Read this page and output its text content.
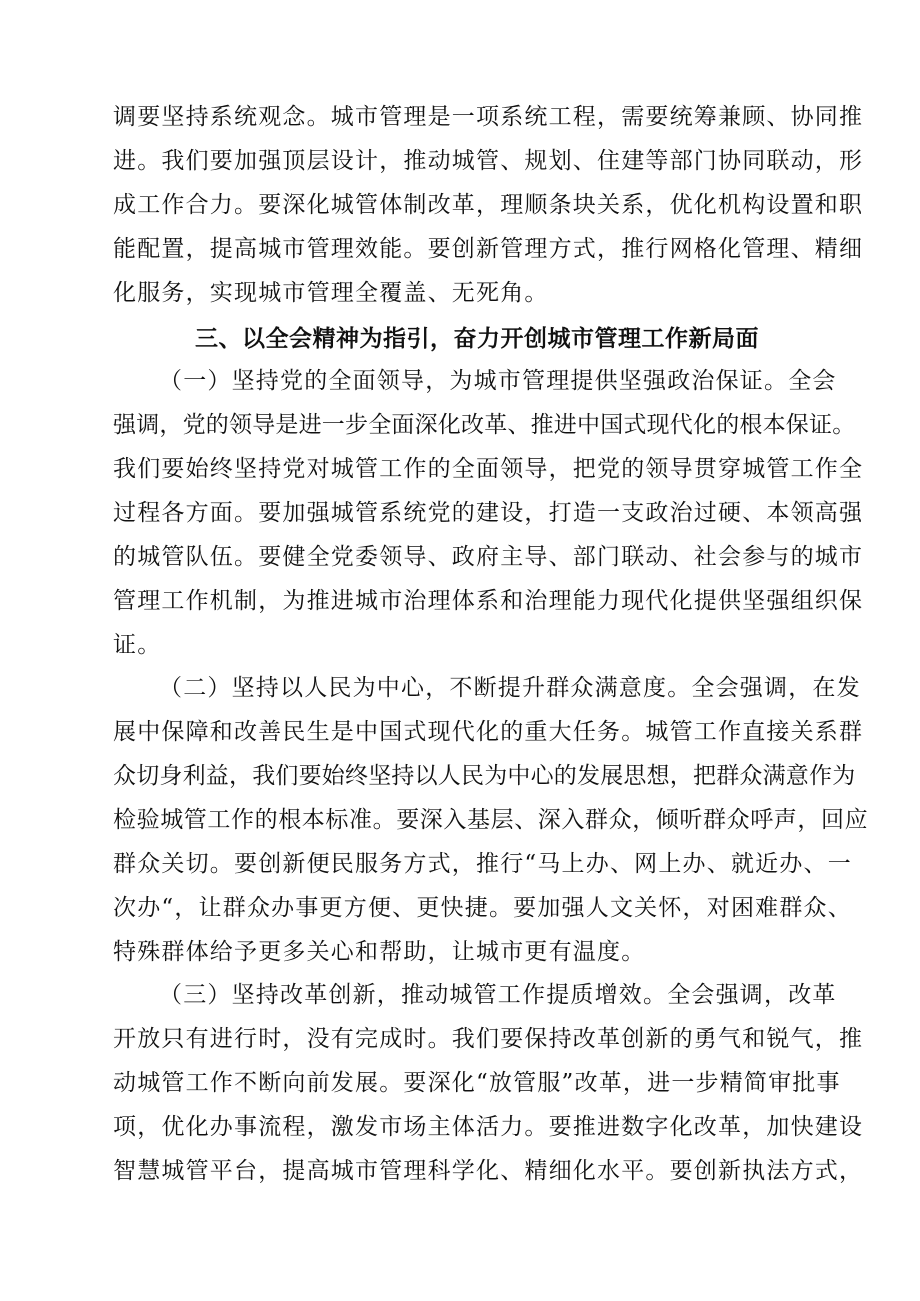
调要坚持系统观念。城市管理是一项系统工程，需要统筹兼顾、协同推
进。我们要加强顶层设计，推动城管、规划、住建等部门协同联动，形
成工作合力。要深化城管体制改革，理顺条块关系，优化机构设置和职
能配置，提高城市管理效能。要创新管理方式，推行网格化管理、精细
化服务，实现城市管理全覆盖、无死角。
三、以全会精神为指引，奋力开创城市管理工作新局面
（一）坚持党的全面领导，为城市管理提供坚强政治保证。全会
强调，党的领导是进一步全面深化改革、推进中国式现代化的根本保证。
我们要始终坚持党对城管工作的全面领导，把党的领导贯穿城管工作全
过程各方面。要加强城管系统党的建设，打造一支政治过硬、本领高强
的城管队伍。要健全党委领导、政府主导、部门联动、社会参与的城市
管理工作机制，为推进城市治理体系和治理能力现代化提供坚强组织保
证。
（二）坚持以人民为中心，不断提升群众满意度。全会强调，在发
展中保障和改善民生是中国式现代化的重大任务。城管工作直接关系群
众切身利益，我们要始终坚持以人民为中心的发展思想，把群众满意作为
检验城管工作的根本标准。要深入基层、深入群众，倾听群众呼声，回应
群众关切。要创新便民服务方式，推行“马上办、网上办、就近办、一
次办“，让群众办事更方便、更快捷。要加强人文关怀，对困难群众、
特殊群体给予更多关心和帮助，让城市更有温度。
（三）坚持改革创新，推动城管工作提质增效。全会强调，改革
开放只有进行时，没有完成时。我们要保持改革创新的勇气和锐气，推
动城管工作不断向前发展。要深化“放管服”改革，进一步精简审批事
项，优化办事流程，激发市场主体活力。要推进数字化改革，加快建设
智慧城管平台，提高城市管理科学化、精细化水平。要创新执法方式，
